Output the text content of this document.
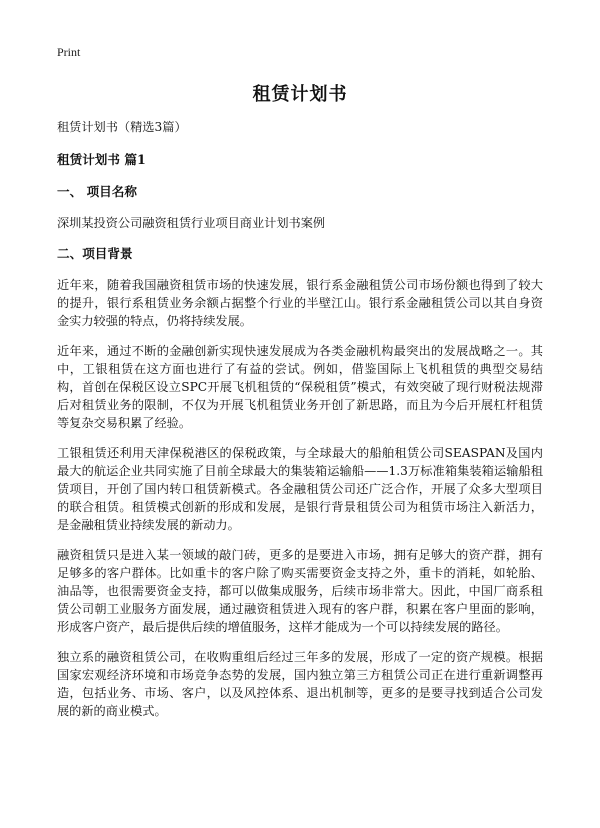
Print
租赁计划书

租赁计划书（精选3篇）

租赁计划书 篇1

一、 项目名称

深圳某投资公司融资租赁行业项目商业计划书案例

二、项目背景

近年来，随着我国融资租赁市场的快速发展，银行系金融租赁公司市场份额也得到了较大的提升，银行系租赁业务余额占据整个行业的半壁江山。银行系金融租赁公司以其自身资金实力较强的特点，仍将持续发展。

近年来，通过不断的金融创新实现快速发展成为各类金融机构最突出的发展战略之一。其中，工银租赁在这方面也进行了有益的尝试。例如，借鉴国际上飞机租赁的典型交易结构，首创在保税区设立SPC开展飞机租赁的“保税租赁”模式，有效突破了现行财税法规滞后对租赁业务的限制，不仅为开展飞机租赁业务开创了新思路，而且为今后开展杠杆租赁等复杂交易积累了经验。

工银租赁还利用天津保税港区的保税政策，与全球最大的船舶租赁公司SEASPAN及国内最大的航运企业共同实施了目前全球最大的集装箱运输船——1.3万标准箱集装箱运输船租赁项目，开创了国内转口租赁新模式。各金融租赁公司还广泛合作，开展了众多大型项目的联合租赁。租赁模式创新的形成和发展，是银行背景租赁公司为租赁市场注入新活力，是金融租赁业持续发展的新动力。

融资租赁只是进入某一领域的敲门砖，更多的是要进入市场，拥有足够大的资产群，拥有足够多的客户群体。比如重卡的客户除了购买需要资金支持之外，重卡的消耗，如轮胎、油品等，也很需要资金支持，都可以做集成服务，后续市场非常大。因此，中国厂商系租赁公司朝工业服务方面发展，通过融资租赁进入现有的客户群，积累在客户里面的影响，形成客户资产，最后提供后续的增值服务，这样才能成为一个可以持续发展的路径。

独立系的融资租赁公司，在收购重组后经过三年多的发展，形成了一定的资产规模。根据国家宏观经济环境和市场竞争态势的发展，国内独立第三方租赁公司正在进行重新调整再造，包括业务、市场、客户，以及风控体系、退出机制等，更多的是要寻找到适合公司发展的新的商业模式。
